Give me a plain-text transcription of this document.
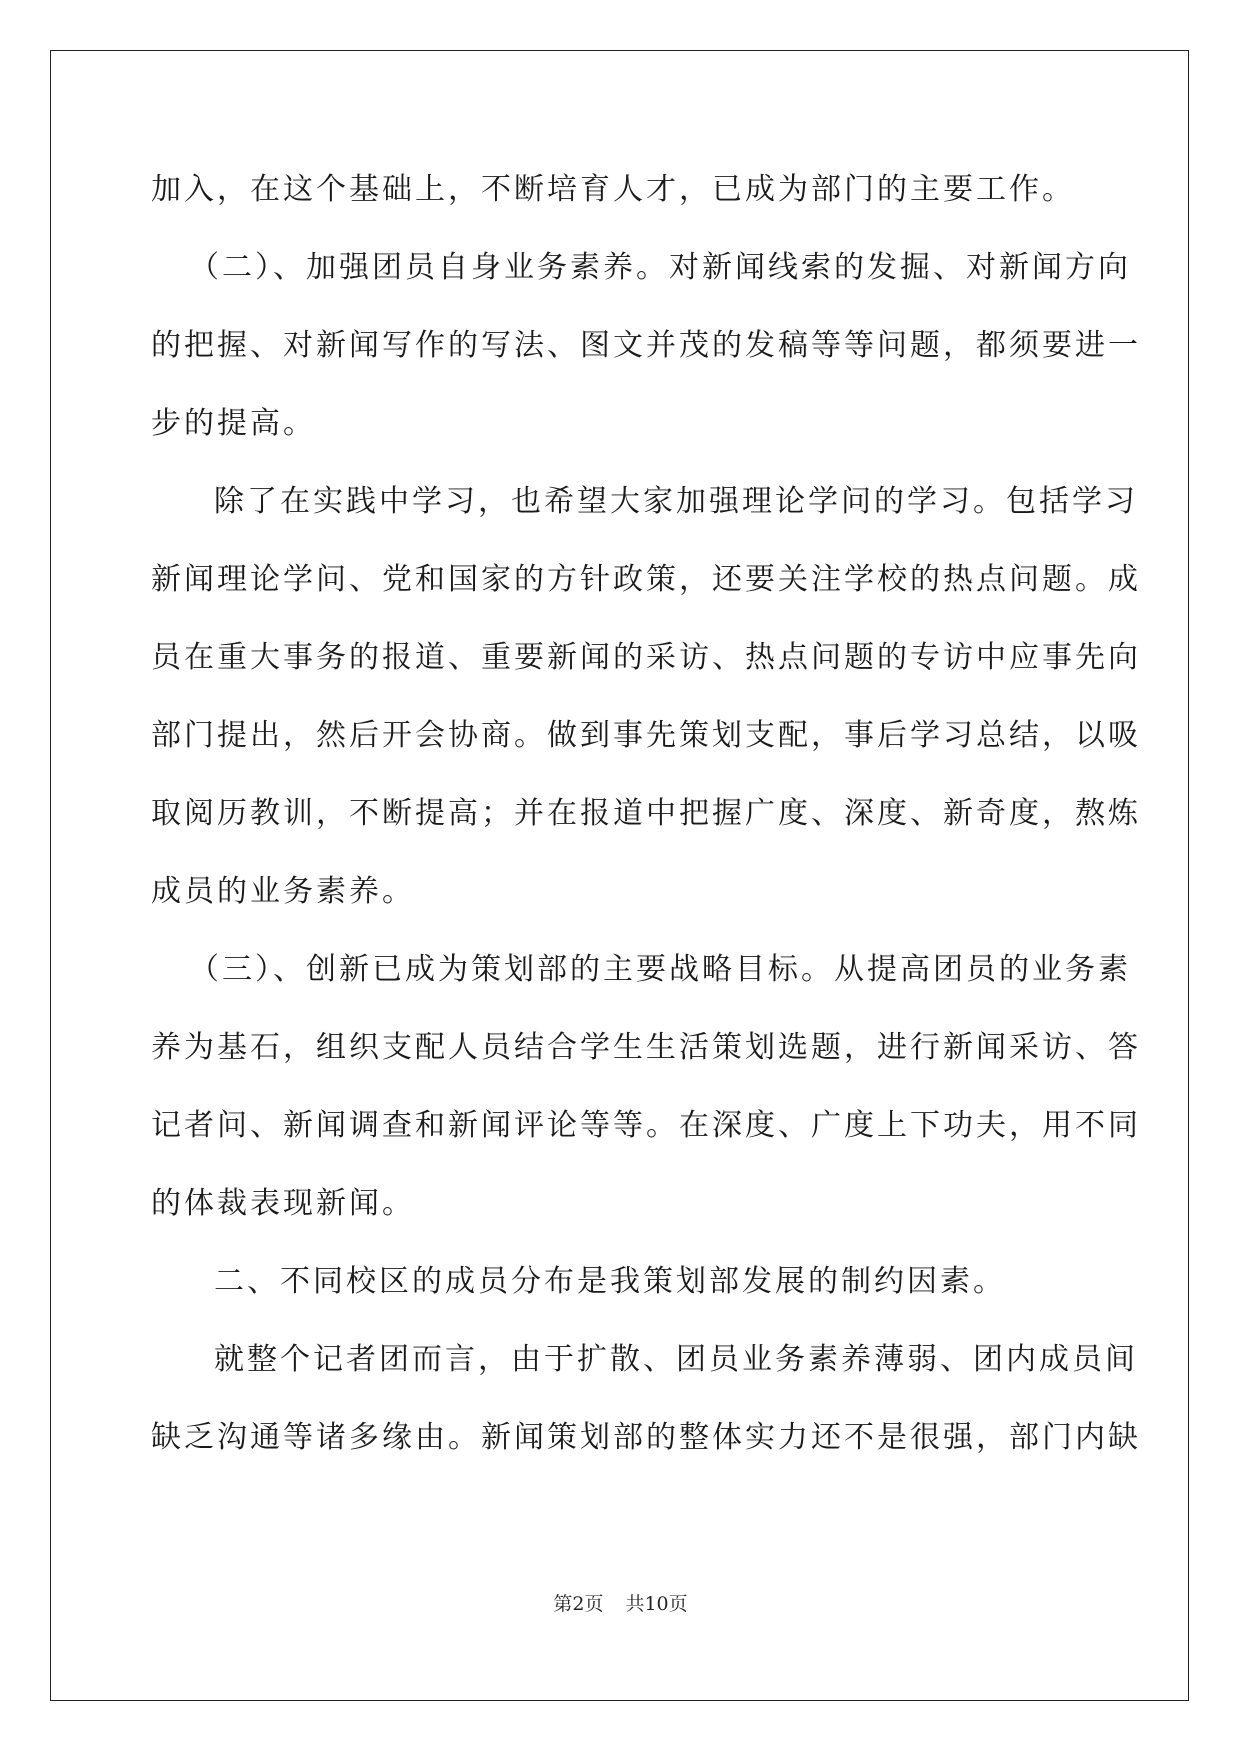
加入，在这个基础上，不断培育人才，已成为部门的主要工作。
（二）、加强团员自身业务素养。对新闻线索的发掘、对新闻方向
的把握、对新闻写作的写法、图文并茂的发稿等等问题，都须要进一
步的提高。
除了在实践中学习，也希望大家加强理论学问的学习。包括学习
新闻理论学问、党和国家的方针政策，还要关注学校的热点问题。成
员在重大事务的报道、重要新闻的采访、热点问题的专访中应事先向
部门提出，然后开会协商。做到事先策划支配，事后学习总结，以吸
取阅历教训，不断提高；并在报道中把握广度、深度、新奇度，熬炼
成员的业务素养。
（三）、创新已成为策划部的主要战略目标。从提高团员的业务素
养为基石，组织支配人员结合学生生活策划选题，进行新闻采访、答
记者问、新闻调查和新闻评论等等。在深度、广度上下功夫，用不同
的体裁表现新闻。
二、不同校区的成员分布是我策划部发展的制约因素。
就整个记者团而言，由于扩散、团员业务素养薄弱、团内成员间
缺乏沟通等诸多缘由。新闻策划部的整体实力还不是很强，部门内缺
第2页 共10页
